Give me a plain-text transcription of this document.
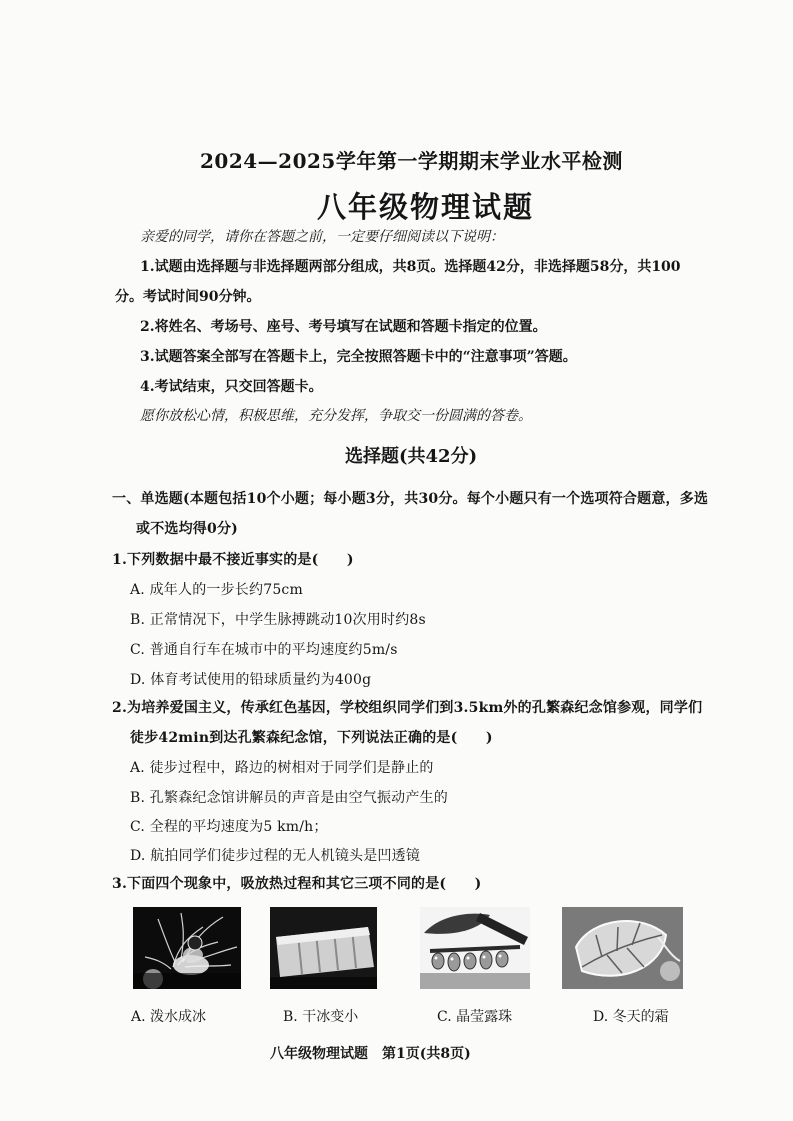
2024—2025学年第一学期期末学业水平检测
八年级物理试题
亲爱的同学，请你在答题之前，一定要仔细阅读以下说明：
1.试题由选择题与非选择题两部分组成，共8页。选择题42分，非选择题58分，共100
分。考试时间90分钟。
2.将姓名、考场号、座号、考号填写在试题和答题卡指定的位置。
3.试题答案全部写在答题卡上，完全按照答题卡中的“注意事项”答题。
4.考试结束，只交回答题卡。
愿你放松心情，积极思维，充分发挥，争取交一份圆满的答卷。
选择题(共42分)
一、单选题(本题包括10个小题；每小题3分，共30分。每个小题只有一个选项符合题意，多选
或不选均得0分)
1.下列数据中最不接近事实的是(　　)
A. 成年人的一步长约75cm
B. 正常情况下，中学生脉搏跳动10次用时约8s
C. 普通自行车在城市中的平均速度约5m/s
D. 体育考试使用的铅球质量约为400g
2.为培养爱国主义，传承红色基因，学校组织同学们到3.5km外的孔繁森纪念馆参观，同学们
徒步42min到达孔繁森纪念馆，下列说法正确的是(　　)
A. 徒步过程中，路边的树相对于同学们是静止的
B. 孔繁森纪念馆讲解员的声音是由空气振动产生的
C. 全程的平均速度为5 km/h；
D. 航拍同学们徒步过程的无人机镜头是凹透镜
3.下面四个现象中，吸放热过程和其它三项不同的是(　　)
A. 泼水成冰	B. 干冰变小	C. 晶莹露珠	D. 冬天的霜
八年级物理试题　第1页(共8页)
